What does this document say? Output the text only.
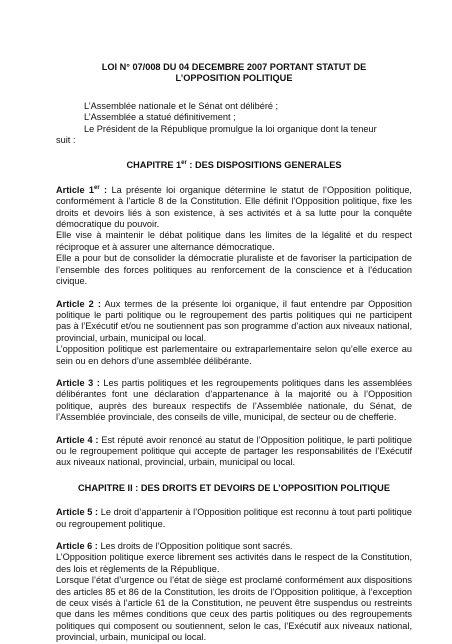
LOI N° 07/008 DU 04 DECEMBRE 2007 PORTANT STATUT DE
L’OPPOSITION POLITIQUE
L’Assemblée nationale et le Sénat ont délibéré ;
L’Assemblée a statué définitivement ;
Le Président de la République promulgue la loi organique dont la teneur
suit :
CHAPITRE 1er : DES DISPOSITIONS GENERALES

Article 1er : La présente loi organique détermine le statut de l’Opposition politique, conformément à l’article 8 de la Constitution. Elle définit l’Opposition politique, fixe les droits et devoirs liés à son existence, à ses activités et à sa lutte pour la conquête démocratique du pouvoir.

Elle vise à maintenir le débat politique dans les limites de la légalité et du respect réciproque et à assurer une alternance démocratique.

Elle a pour but de consolider la démocratie pluraliste et de favoriser la participation de l’ensemble des forces politiques au renforcement de la conscience et à l’éducation civique.

Article 2 : Aux termes de la présente loi organique, il faut entendre par Opposition politique le parti politique ou le regroupement des partis politiques qui ne participent pas à l’Exécutif et/ou ne soutiennent pas son programme d’action aux niveaux national, provincial, urbain, municipal ou local.

L’opposition politique est parlementaire ou extraparlementaire selon qu’elle exerce au sein ou en dehors d’une assemblée délibérante.

Article 3 : Les partis politiques et les regroupements politiques dans les assemblées délibérantes font une déclaration d’appartenance à la majorité ou à l’Opposition politique, auprès des bureaux respectifs de l’Assemblée nationale, du Sénat, de l’Assemblée provinciale, des conseils de ville, municipal, de secteur ou de chefferie.

Article 4 : Est réputé avoir renoncé au statut de l’Opposition politique, le parti politique ou le regroupement politique qui accepte de partager les responsabilités de l’Exécutif aux niveaux national, provincial, urbain, municipal ou local.

CHAPITRE II : DES DROITS ET DEVOIRS DE L’OPPOSITION POLITIQUE

Article 5 : Le droit d’appartenir à l’Opposition politique est reconnu à tout parti politique ou regroupement politique.

Article 6 : Les droits de l’Opposition politique sont sacrés.

L’Opposition politique exerce librement ses activités dans le respect de la Constitution, des lois et règlements de la République.

Lorsque l’état d’urgence ou l’état de siège est proclamé conformément aux dispositions des articles 85 et 86 de la Constitution, les droits de l’Opposition politique, à l’exception de ceux visés à l’article 61 de la Constitution, ne peuvent être suspendus ou restreints que dans les mêmes conditions que ceux des partis politiques ou des regroupements politiques qui composent ou soutiennent, selon le cas, l’Exécutif aux niveaux national, provincial, urbain, municipal ou local.
